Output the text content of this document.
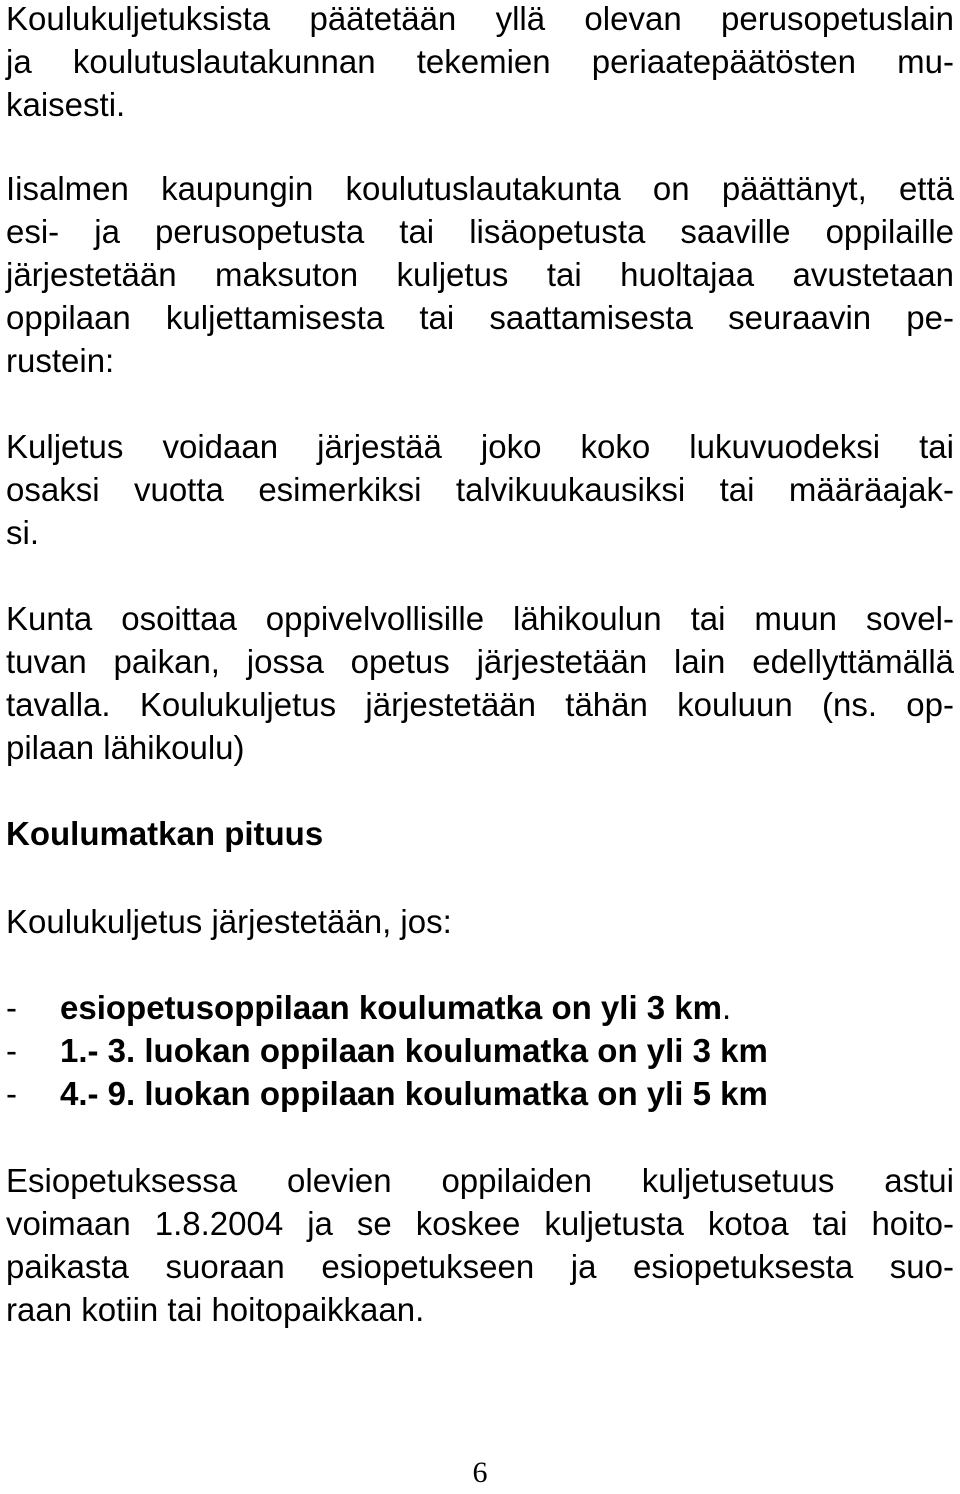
Koulukuljetuksista päätetään yllä olevan perusopetuslain
ja koulutuslautakunnan tekemien periaatepäätösten mu-
kaisesti.

Iisalmen kaupungin koulutuslautakunta on päättänyt, että
esi- ja perusopetusta tai lisäopetusta saaville oppilaille
järjestetään maksuton kuljetus tai huoltajaa avustetaan
oppilaan kuljettamisesta tai saattamisesta seuraavin pe-
rustein:

Kuljetus voidaan järjestää joko koko lukuvuodeksi tai
osaksi vuotta esimerkiksi talvikuukausiksi tai määräajak-
si.

Kunta osoittaa oppivelvollisille lähikoulun tai muun sovel-
tuvan paikan, jossa opetus järjestetään lain edellyttämällä
tavalla. Koulukuljetus järjestetään tähän kouluun (ns. op-
pilaan lähikoulu)

Koulumatkan pituus

Koulukuljetus järjestetään, jos:

-	esiopetusoppilaan koulumatka on yli 3 km .
-	1.- 3. luokan oppilaan koulumatka on yli 3 km
-	4.- 9. luokan oppilaan koulumatka on yli 5 km

Esiopetuksessa olevien oppilaiden kuljetusetuus astui
voimaan 1.8.2004 ja se koskee kuljetusta kotoa tai hoito-
paikasta suoraan esiopetukseen ja esiopetuksesta suo-
raan kotiin tai hoitopaikkaan.

6
